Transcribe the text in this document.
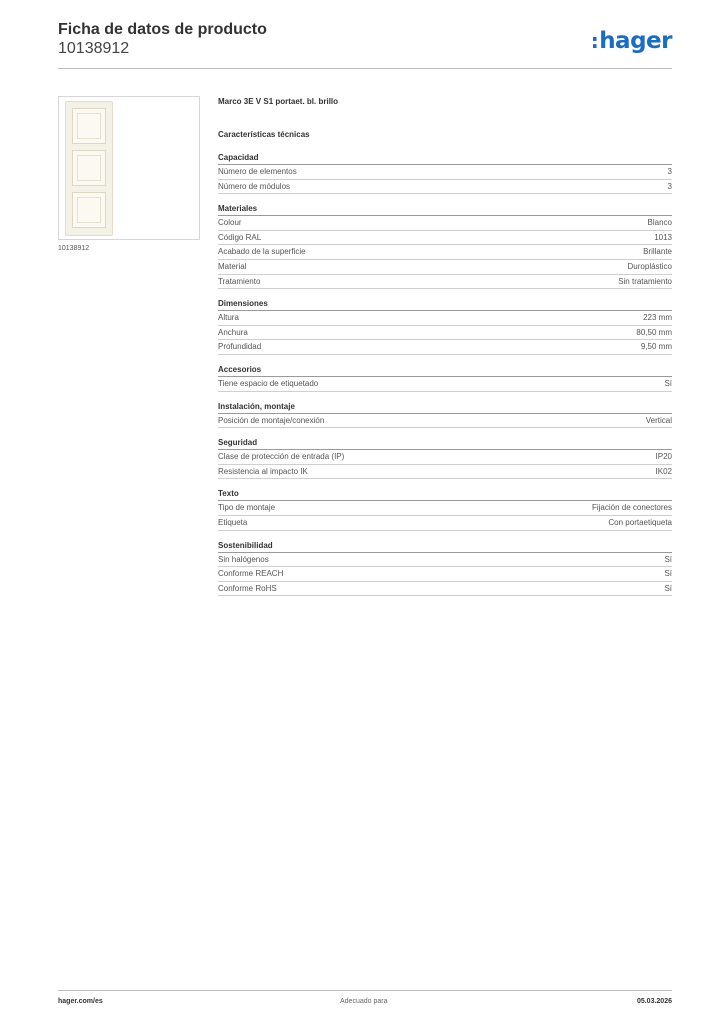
Ficha de datos de producto
10138912	:hager
10138912
Marco 3E V S1 portaet. bl. brillo
Características técnicas
Capacidad
Número de elementos	3
Número de módulos	3
Materiales
Colour	Blanco
Código RAL	1013
Acabado de la superficie	Brillante
Material	Duroplástico
Tratamiento	Sin tratamiento
Dimensiones
Altura	223 mm
Anchura	80,50 mm
Profundidad	9,50 mm
Accesorios
Tiene espacio de etiquetado	Sí
Instalación, montaje
Posición de montaje/conexión	Vertical
Seguridad
Clase de protección de entrada (IP)	IP20
Resistencia al impacto IK	IK02
Texto
Tipo de montaje	Fijación de conectores
Etiqueta	Con portaetiqueta
Sostenibilidad
Sin halógenos	Sí
Conforme REACH	Sí
Conforme RoHS	Sí
hager.com/es	Adecuado para	05.03.2026
